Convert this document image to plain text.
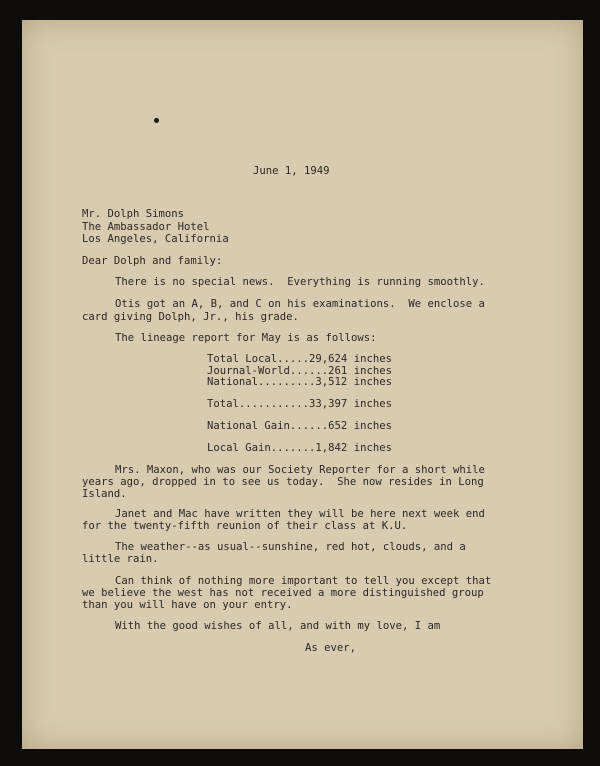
June 1, 1949
Mr. Dolph Simons
The Ambassador Hotel
Los Angeles, California
Dear Dolph and family:
There is no special news.  Everything is running smoothly.
Otis got an A, B, and C on his examinations.  We enclose a
card giving Dolph, Jr., his grade.
The lineage report for May is as follows:
Total Local.....29,624 inches
Journal-World......261 inches
National.........3,512 inches
Total...........33,397 inches
National Gain......652 inches
Local Gain.......1,842 inches
Mrs. Maxon, who was our Society Reporter for a short while
years ago, dropped in to see us today.  She now resides in Long
Island.
Janet and Mac have written they will be here next week end
for the twenty-fifth reunion of their class at K.U.
The weather--as usual--sunshine, red hot, clouds, and a
little rain.
Can think of nothing more important to tell you except that
we believe the west has not received a more distinguished group
than you will have on your entry.
With the good wishes of all, and with my love, I am
As ever,
